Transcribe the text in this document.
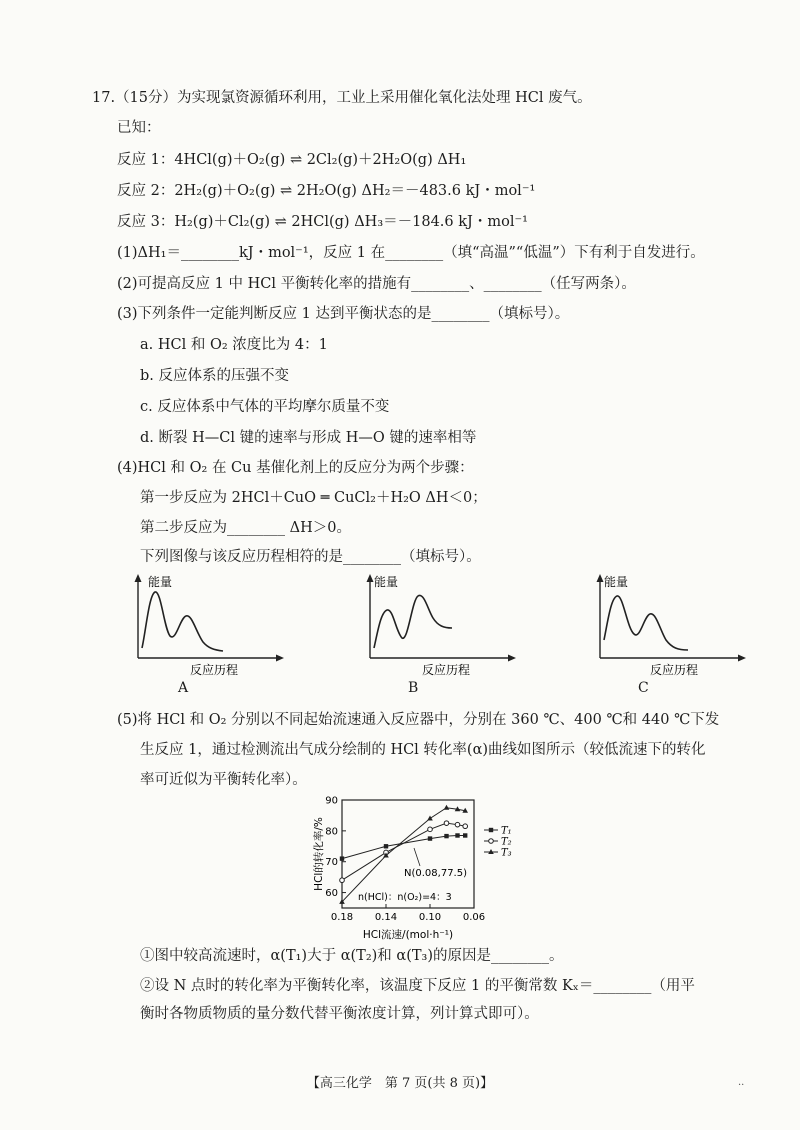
17.（15分）为实现氯资源循环利用，工业上采用催化氧化法处理 HCl 废气。
已知：
反应 1：4HCl(g)＋O₂(g) ⇌ 2Cl₂(g)＋2H₂O(g) ΔH₁
反应 2：2H₂(g)＋O₂(g) ⇌ 2H₂O(g) ΔH₂＝－483.6 kJ・mol⁻¹
反应 3：H₂(g)＋Cl₂(g) ⇌ 2HCl(g) ΔH₃＝－184.6 kJ・mol⁻¹
(1)ΔH₁＝________kJ・mol⁻¹，反应 1 在________（填“高温”“低温”）下有利于自发进行。
(2)可提高反应 1 中 HCl 平衡转化率的措施有________、________（任写两条）。
(3)下列条件一定能判断反应 1 达到平衡状态的是________（填标号）。
a. HCl 和 O₂ 浓度比为 4：1
b. 反应体系的压强不变
c. 反应体系中气体的平均摩尔质量不变
d. 断裂 H—Cl 键的速率与形成 H—O 键的速率相等
(4)HCl 和 O₂ 在 Cu 基催化剂上的反应分为两个步骤：
第一步反应为 2HCl＋CuO ═ CuCl₂＋H₂O ΔH＜0；
第二步反应为________ ΔH＞0。
下列图像与该反应历程相符的是________（填标号）。
能量
反应历程
A
能量
反应历程
B
能量
反应历程
C
(5)将 HCl 和 O₂ 分别以不同起始流速通入反应器中，分别在 360 ℃、400 ℃和 440 ℃下发
生反应 1，通过检测流出气成分绘制的 HCl 转化率(α)曲线如图所示（较低流速下的转化
率可近似为平衡转化率）。
HCl的转化率/%
HCl流速/(mol·h⁻¹)
0.18 0.14 0.10 0.06
90
80
70
60
N(0.08,77.5)
n(HCl)：n(O₂)=4：3
T₁
T₂
T₃
①图中较高流速时，α(T₁)大于 α(T₂)和 α(T₃)的原因是________。
②设 N 点时的转化率为平衡转化率，该温度下反应 1 的平衡常数 Kₓ＝________（用平
衡时各物质物质的量分数代替平衡浓度计算，列计算式即可）。
【高三化学　第 7 页(共 8 页)】	··
